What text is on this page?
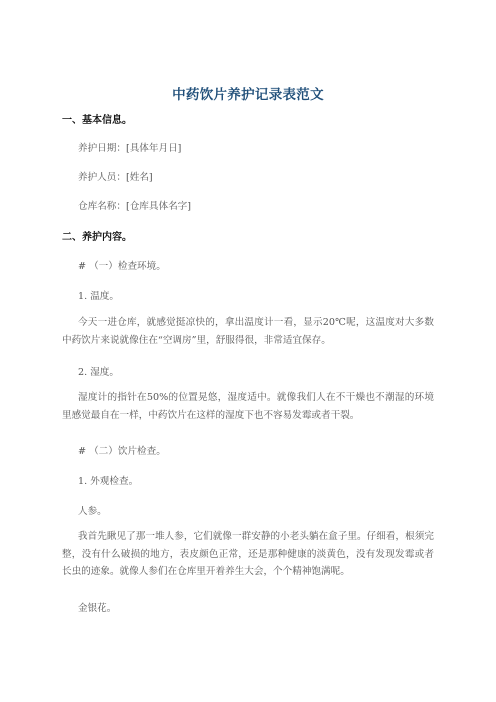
中药饮片养护记录表范文
一、基本信息。
养护日期：[具体年月日]
养护人员：[姓名]
仓库名称：[仓库具体名字]
二、养护内容。
# （一）检查环境。
1. 温度。

今天一进仓库，就感觉挺凉快的，拿出温度计一看，显示20℃呢，这温度对大多数中药饮片来说就像住在“空调房”里，舒服得很，非常适宜保存。

2. 湿度。

湿度计的指针在50%的位置晃悠，湿度适中。就像我们人在不干燥也不潮湿的环境里感觉最自在一样，中药饮片在这样的湿度下也不容易发霉或者干裂。

# （二）饮片检查。
1. 外观检查。
人参。

我首先瞅见了那一堆人参，它们就像一群安静的小老头躺在盒子里。仔细看，根须完整，没有什么破损的地方，表皮颜色正常，还是那种健康的淡黄色，没有发现发霉或者长虫的迹象。就像人参们在仓库里开着养生大会，个个精神饱满呢。

金银花。
